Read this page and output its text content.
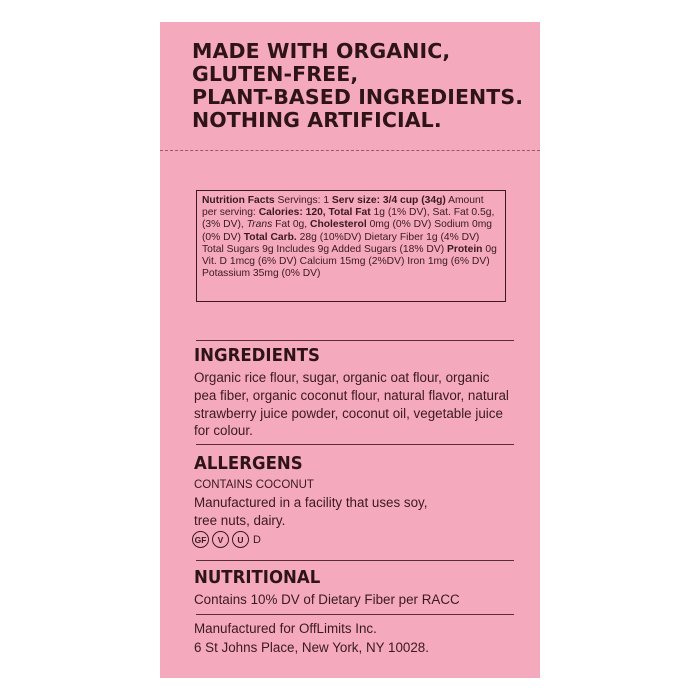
MADE WITH ORGANIC,
GLUTEN-FREE,
PLANT-BASED INGREDIENTS.
NOTHING ARTIFICIAL.

Nutrition Facts Servings: 1 Serv size: 3/4 cup (34g) Amount per serving: Calories: 120, Total Fat 1g (1% DV), Sat. Fat 0.5g, (3% DV), Trans Fat 0g, Cholesterol 0mg (0% DV) Sodium 0mg (0% DV) Total Carb. 28g (10%DV) Dietary Fiber 1g (4% DV) Total Sugars 9g Includes 9g Added Sugars (18% DV) Protein 0g Vit. D 1mcg (6% DV) Calcium 15mg (2%DV) Iron 1mg (6% DV) Potassium 35mg (0% DV)
INGREDIENTS
Organic rice flour, sugar, organic oat flour, organic pea fiber, organic coconut flour, natural flavor, natural strawberry juice powder, coconut oil, vegetable juice for colour.
ALLERGENS
CONTAINS COCONUT
Manufactured in a facility that uses soy, tree nuts, dairy.
GF	V	U D
NUTRITIONAL
Contains 10% DV of Dietary Fiber per RACC
Manufactured for OffLimits Inc.
6 St Johns Place, New York, NY 10028.
